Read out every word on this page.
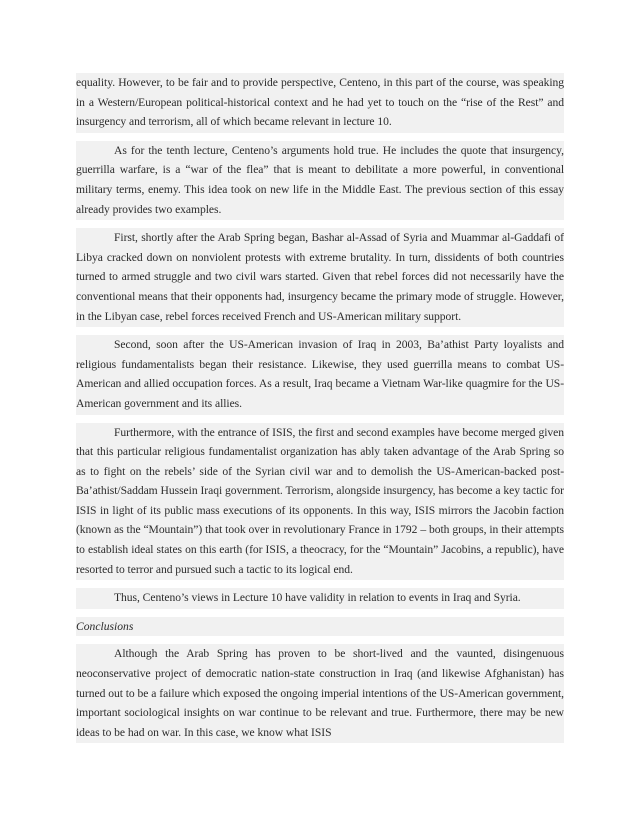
equality. However, to be fair and to provide perspective, Centeno, in this part of the course, was speaking in a Western/European political-historical context and he had yet to touch on the “rise of the Rest” and insurgency and terrorism, all of which became relevant in lecture 10.

As for the tenth lecture, Centeno’s arguments hold true. He includes the quote that insurgency, guerrilla warfare, is a “war of the flea” that is meant to debilitate a more powerful, in conventional military terms, enemy. This idea took on new life in the Middle East. The previous section of this essay already provides two examples.

First, shortly after the Arab Spring began, Bashar al-Assad of Syria and Muammar al-Gaddafi of Libya cracked down on nonviolent protests with extreme brutality. In turn, dissidents of both countries turned to armed struggle and two civil wars started. Given that rebel forces did not necessarily have the conventional means that their opponents had, insurgency became the primary mode of struggle. However, in the Libyan case, rebel forces received French and US-American military support.

Second, soon after the US-American invasion of Iraq in 2003, Ba’athist Party loyalists and religious fundamentalists began their resistance. Likewise, they used guerrilla means to combat US-American and allied occupation forces. As a result, Iraq became a Vietnam War-like quagmire for the US-American government and its allies.

Furthermore, with the entrance of ISIS, the first and second examples have become merged given that this particular religious fundamentalist organization has ably taken advantage of the Arab Spring so as to fight on the rebels’ side of the Syrian civil war and to demolish the US-American-backed post-Ba’athist/Saddam Hussein Iraqi government. Terrorism, alongside insurgency, has become a key tactic for ISIS in light of its public mass executions of its opponents. In this way, ISIS mirrors the Jacobin faction (known as the “Mountain”) that took over in revolutionary France in 1792 – both groups, in their attempts to establish ideal states on this earth (for ISIS, a theocracy, for the “Mountain” Jacobins, a republic), have resorted to terror and pursued such a tactic to its logical end.

Thus, Centeno’s views in Lecture 10 have validity in relation to events in Iraq and Syria.

Conclusions

Although the Arab Spring has proven to be short-lived and the vaunted, disingenuous neoconservative project of democratic nation-state construction in Iraq (and likewise Afghanistan) has turned out to be a failure which exposed the ongoing imperial intentions of the US-American government, important sociological insights on war continue to be relevant and true. Furthermore, there may be new ideas to be had on war. In this case, we know what ISIS
